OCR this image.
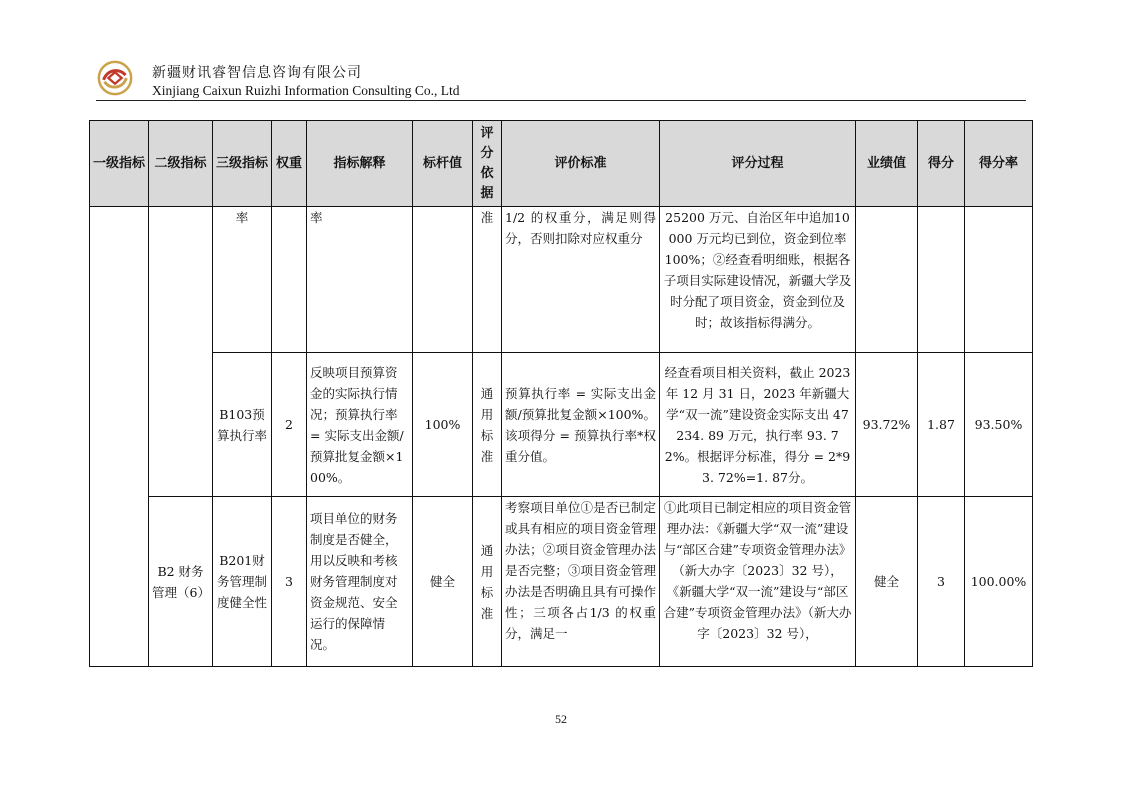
新疆财讯睿智信息咨询有限公司
Xinjiang Caixun Ruizhi Information Consulting Co., Ltd
一级指标	二级指标	三级指标	权重	指标解释	标杆值	评分依据	评价标准	评分过程	业绩值	得分	得分率
		率		率		准	1/2 的权重分，满足则得分，否则扣除对应权重分	25200 万元、自治区年中追加10000 万元均已到位，资金到位率 100%；②经查看明细账，根据各子项目实际建设情况，新疆大学及时分配了项目资金，资金到位及时；故该指标得满分。			
		B103预算执行率	2	反映项目预算资金的实际执行情况；预算执行率 = 实际支出金额/预算批复金额×100%。	100%	通用标准	预算执行率 = 实际支出金额/预算批复金额×100%。该项得分 = 预算执行率*权重分值。	经查看项目相关资料，截止 2023 年 12 月 31 日，2023 年新疆大学“双一流”建设资金实际支出 47234. 89 万元，执行率 93. 72%。根据评分标准，得分 = 2*93. 72%=1. 87分。	93.72%	1.87	93.50%
	B2 财务管理（6）	B201财务管理制度健全性	3	项目单位的财务制度是否健全，用以反映和考核财务管理制度对资金规范、安全运行的保障情况。	健全	通用标准	考察项目单位①是否已制定或具有相应的项目资金管理办法；②项目资金管理办法是否完整；③项目资金管理办法是否明确且具有可操作性；三项各占1/3 的权重分，满足一	①此项目已制定相应的项目资金管理办法：《新疆大学“双一流”建设与“部区合建”专项资金管理办法》（新大办字〔2023〕32 号），《新疆大学“双一流”建设与“部区合建”专项资金管理办法》（新大办字〔2023〕32 号），	健全	3	100.00%
52
